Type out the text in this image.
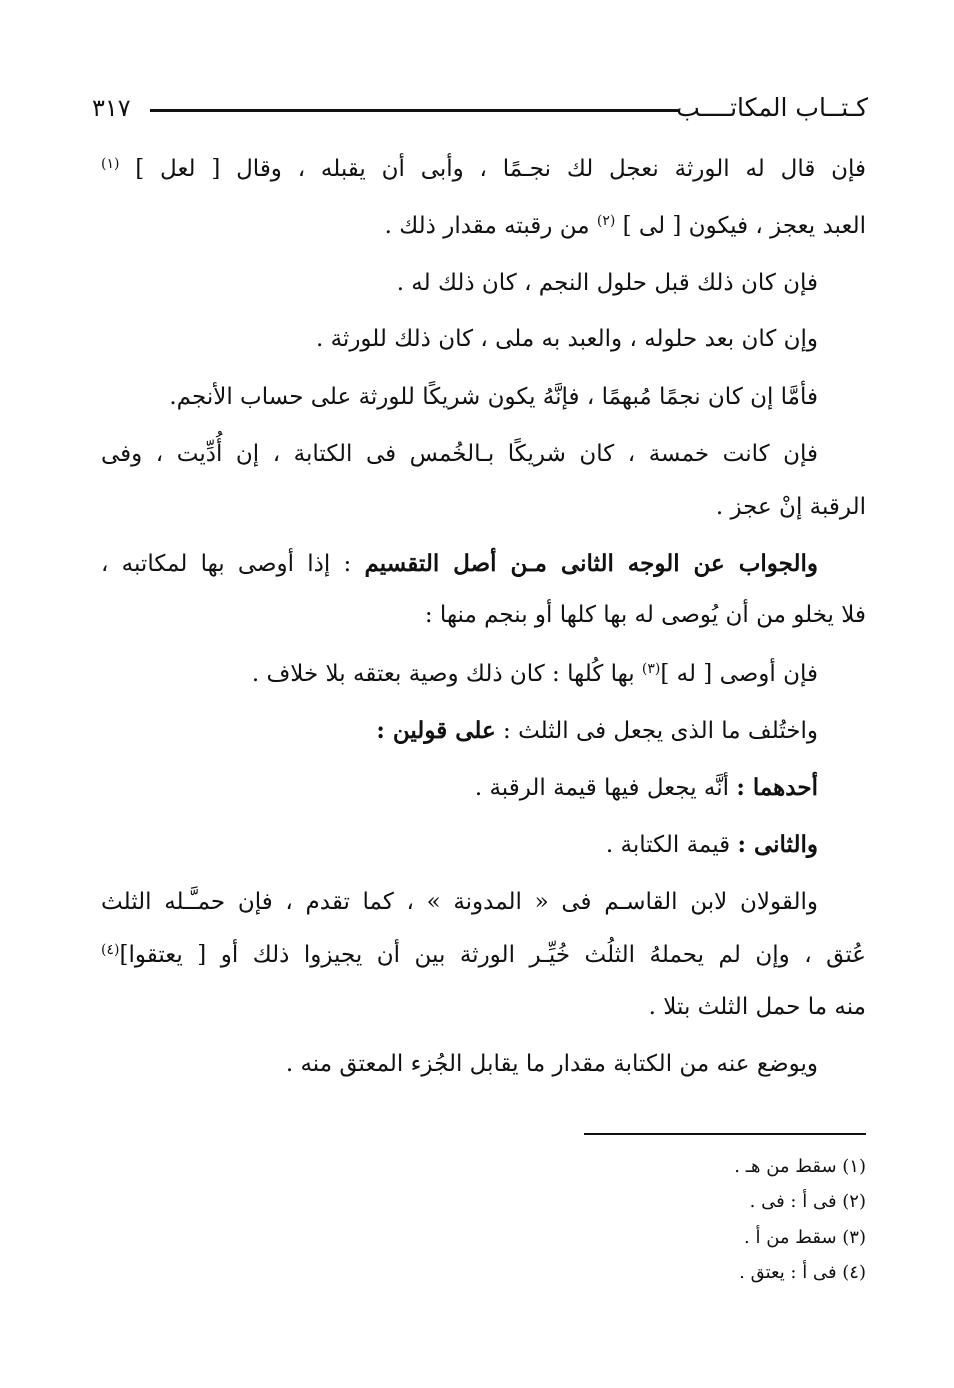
كـتــاب المكاتــــب
٣١٧
فإن قال له الورثة نعجل لك نجـمًا ، وأبى أن يقبله ، وقال [ لعل ] $^{(١)}$
العبد يعجز ، فيكون [ لى ] $^{(٢)}$ من رقبته مقدار ذلك .
فإن كان ذلك قبل حلول النجم ، كان ذلك له .
وإن كان بعد حلوله ، والعبد به ملى ، كان ذلك للورثة .
فأمَّا إن كان نجمًا مُبهمًا ، فإنَّهُ يكون شريكًا للورثة على حساب الأنجم.
فإن كانت خمسة ، كان شريكًا بـالخُمس فى الكتابة ، إن أُدِّيت ، وفى
الرقبة إنْ عجز .
والجواب عن الوجه الثانى مـن أصل التقسيم : إذا أوصى بها لمكاتبه ،
فلا يخلو من أن يُوصى له بها كلها أو بنجم منها :
فإن أوصى [ له ]$^{(٣)}$ بها كُلها : كان ذلك وصية بعتقه بلا خلاف .
واختُلف ما الذى يجعل فى الثلث : على قولين :
أحدهما : أنَّه يجعل فيها قيمة الرقبة .
والثانى : قيمة الكتابة .
والقولان لابن القاسـم فى « المدونة » ، كما تقدم ، فإن حمـَّـله الثلث
عُتق ، وإن لم يحملهُ الثلُث خُيِّـر الورثة بين أن يجيزوا ذلك أو [ يعتقوا]$^{(٤)}$
منه ما حمل الثلث بتلا .
ويوضع عنه من الكتابة مقدار ما يقابل الجُزء المعتق منه .
(١) سقط من هـ .
(٢) فى أ : فى .
(٣) سقط من أ .
(٤) فى أ : يعتق .
